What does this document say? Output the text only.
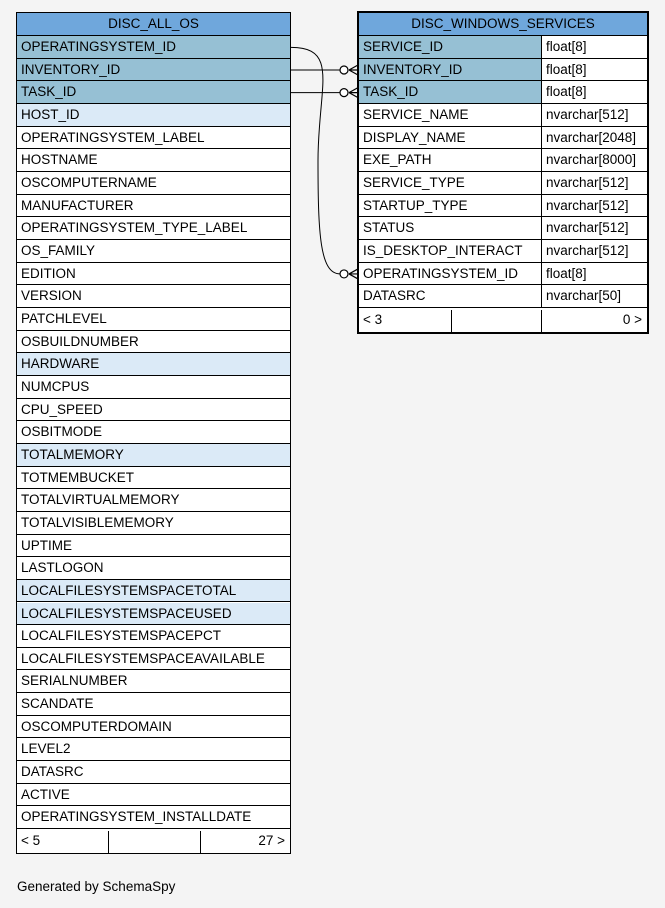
DISC_ALL_OS
OPERATINGSYSTEM_ID
INVENTORY_ID
TASK_ID
HOST_ID
OPERATINGSYSTEM_LABEL
HOSTNAME
OSCOMPUTERNAME
MANUFACTURER
OPERATINGSYSTEM_TYPE_LABEL
OS_FAMILY
EDITION
VERSION
PATCHLEVEL
OSBUILDNUMBER
HARDWARE
NUMCPUS
CPU_SPEED
OSBITMODE
TOTALMEMORY
TOTMEMBUCKET
TOTALVIRTUALMEMORY
TOTALVISIBLEMEMORY
UPTIME
LASTLOGON
LOCALFILESYSTEMSPACETOTAL
LOCALFILESYSTEMSPACEUSED
LOCALFILESYSTEMSPACEPCT
LOCALFILESYSTEMSPACEAVAILABLE
SERIALNUMBER
SCANDATE
OSCOMPUTERDOMAIN
LEVEL2
DATASRC
ACTIVE
OPERATINGSYSTEM_INSTALLDATE
< 5	27 >
DISC_WINDOWS_SERVICES
SERVICE_ID	float[8]
INVENTORY_ID	float[8]
TASK_ID	float[8]
SERVICE_NAME	nvarchar[512]
DISPLAY_NAME	nvarchar[2048]
EXE_PATH	nvarchar[8000]
SERVICE_TYPE	nvarchar[512]
STARTUP_TYPE	nvarchar[512]
STATUS	nvarchar[512]
IS_DESKTOP_INTERACT	nvarchar[512]
OPERATINGSYSTEM_ID	float[8]
DATASRC	nvarchar[50]
< 3	0 >
Generated by SchemaSpy
